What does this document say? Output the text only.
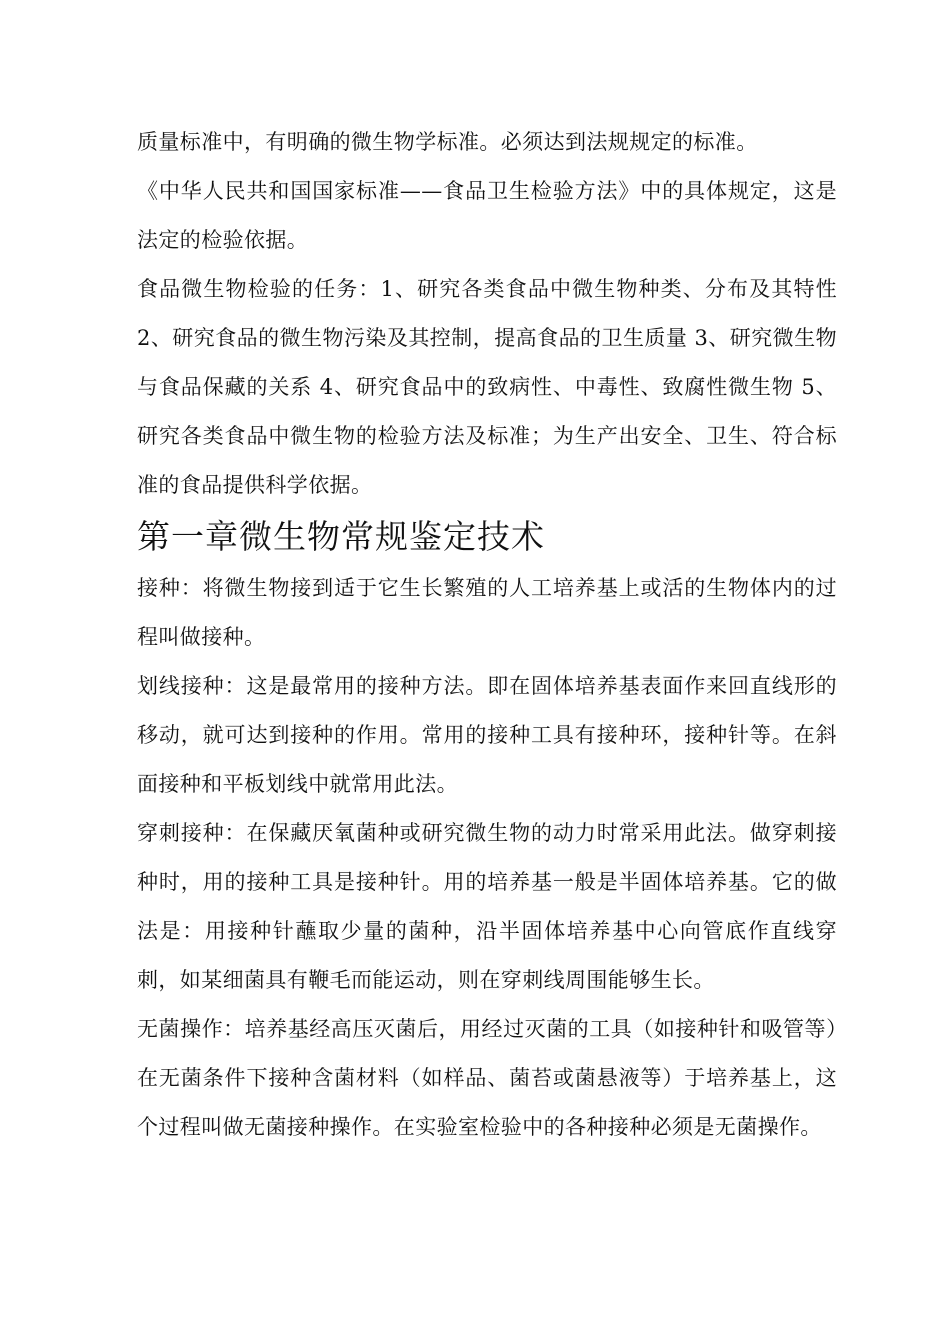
质量标准中，有明确的微生物学标准。必须达到法规规定的标准。

《中华人民共和国国家标准——食品卫生检验方法》中的具体规定，这是法定的检验依据。

食品微生物检验的任务：1、研究各类食品中微生物种类、分布及其特性 2、研究食品的微生物污染及其控制，提高食品的卫生质量 3、研究微生物与食品保藏的关系 4、研究食品中的致病性、中毒性、致腐性微生物 5、研究各类食品中微生物的检验方法及标准；为生产出安全、卫生、符合标准的食品提供科学依据。

第一章微生物常规鉴定技术

接种：将微生物接到适于它生长繁殖的人工培养基上或活的生物体内的过程叫做接种。

划线接种：这是最常用的接种方法。即在固体培养基表面作来回直线形的移动，就可达到接种的作用。常用的接种工具有接种环，接种针等。在斜面接种和平板划线中就常用此法。

穿刺接种：在保藏厌氧菌种或研究微生物的动力时常采用此法。做穿刺接种时，用的接种工具是接种针。用的培养基一般是半固体培养基。它的做法是：用接种针蘸取少量的菌种，沿半固体培养基中心向管底作直线穿刺，如某细菌具有鞭毛而能运动，则在穿刺线周围能够生长。

无菌操作：培养基经高压灭菌后，用经过灭菌的工具（如接种针和吸管等）在无菌条件下接种含菌材料（如样品、菌苔或菌悬液等）于培养基上，这个过程叫做无菌接种操作。在实验室检验中的各种接种必须是无菌操作。
